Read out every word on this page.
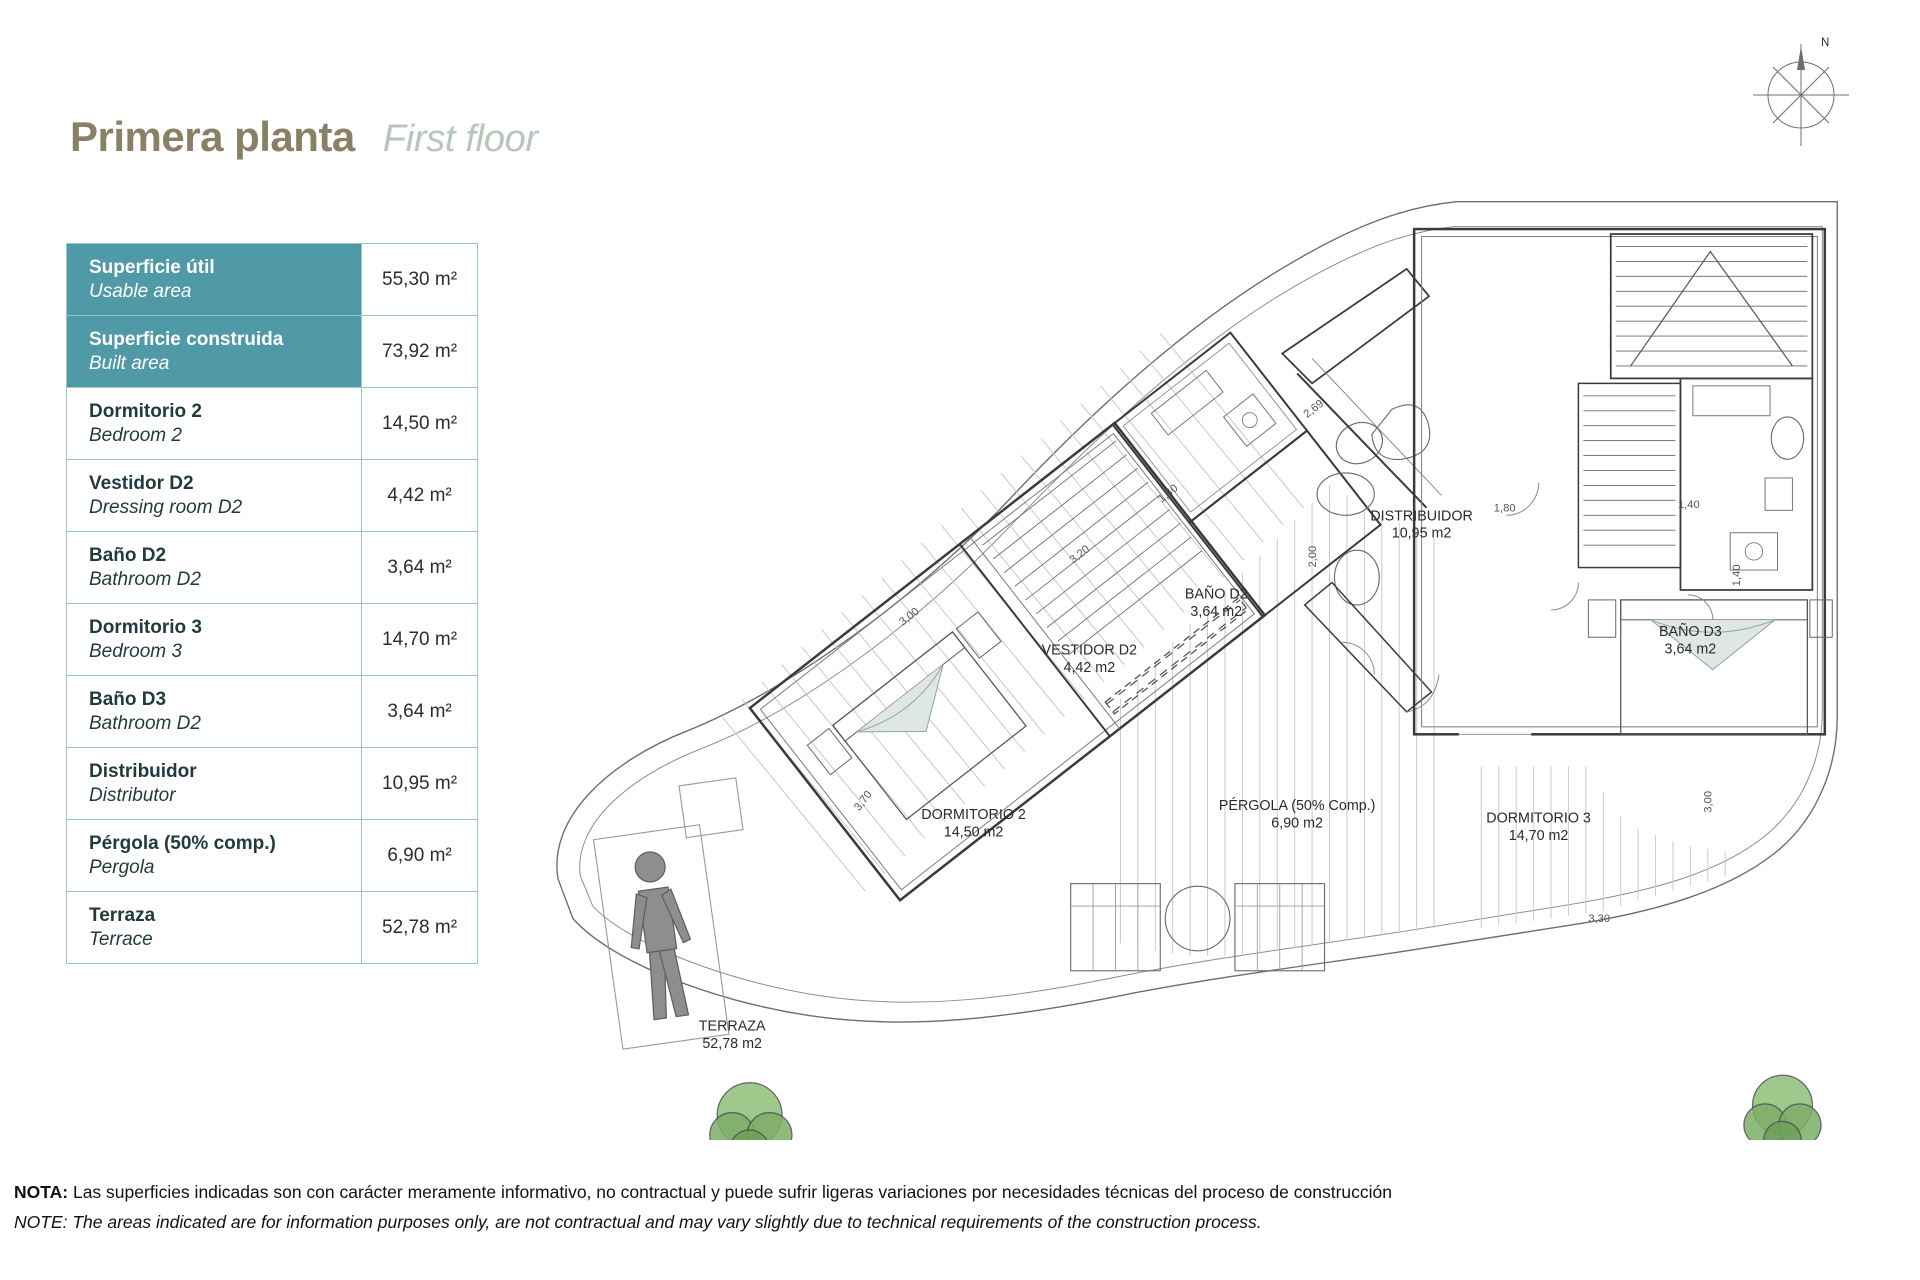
Primera planta First floor
Superficie útil
Usable area	55,30 m²

Superficie construida
Built area	73,92 m²

Dormitorio 2
Bedroom 2	14,50 m²

Vestidor D2
Dressing room D2	4,42 m²

Baño D2
Bathroom D2	3,64 m²

Dormitorio 3
Bedroom 3	14,70 m²

Baño D3
Bathroom D2	3,64 m²

Distribuidor
Distributor	10,95 m²

Pérgola (50% comp.)
Pergola	6,90 m²

Terraza
Terrace	52,78 m²
N
2,69
1,40
2,00
3,20
3,00
3,70
1,80	1,40
1,40
3,00
3,30
DORMITORIO 2
14,50 m2
VESTIDOR D2
4,42 m2
BAÑO D2
3,64 m2
DISTRIBUIDOR
10,95 m2
BAÑO D3
3,64 m2
DORMITORIO 3
14,70 m2
PÉRGOLA (50% Comp.)
6,90 m2
TERRAZA
52,78 m2
NOTA: Las superficies indicadas son con carácter meramente informativo, no contractual y puede sufrir ligeras variaciones por necesidades técnicas del proceso de construcción
NOTE: The areas indicated are for information purposes only, are not contractual and may vary slightly due to technical requirements of the construction process.
